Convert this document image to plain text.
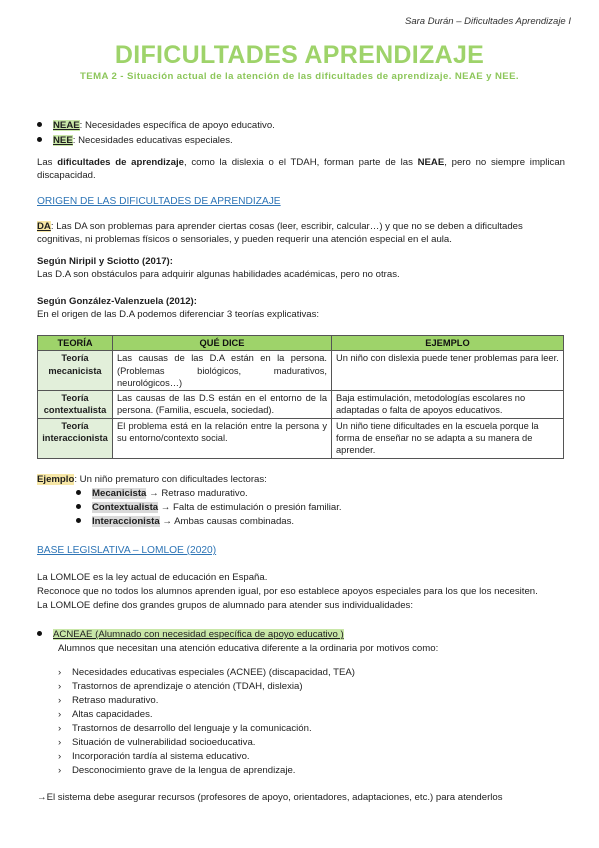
Sara Durán – Dificultades Aprendizaje I
DIFICULTADES APRENDIZAJE
TEMA 2 - Situación actual de la atención de las dificultades de aprendizaje. NEAE y NEE.
NEAE: Necesidades específica de apoyo educativo.
NEE: Necesidades educativas especiales.
Las dificultades de aprendizaje, como la dislexia o el TDAH, forman parte de las NEAE, pero no siempre implican discapacidad.
ORIGEN DE LAS DIFICULTADES DE APRENDIZAJE
DA: Las DA son problemas para aprender ciertas cosas (leer, escribir, calcular…) y que no se deben a dificultades cognitivas, ni problemas físicos o sensoriales, y pueden requerir una atención especial en el aula.
Según Niripil y Sciotto (2017):
Las D.A son obstáculos para adquirir algunas habilidades académicas, pero no otras.
Según González-Valenzuela (2012):
En el origen de las D.A podemos diferenciar 3 teorías explicativas:
TEORÍA	QUÉ DICE	EJEMPLO
Teoría mecanicista	Las causas de las D.A están en la persona. (Problemas biológicos, madurativos, neurológicos…)	Un niño con dislexia puede tener problemas para leer.
Teoría contextualista	Las causas de las D.S están en el entorno de la persona. (Familia, escuela, sociedad).	Baja estimulación, metodologías escolares no adaptadas o falta de apoyos educativos.
Teoría interaccionista	El problema está en la relación entre la persona y su entorno/contexto social.	Un niño tiene dificultades en la escuela porque la forma de enseñar no se adapta a su manera de aprender.
Ejemplo: Un niño prematuro con dificultades lectoras:
Mecanicista → Retraso madurativo.
Contextualista → Falta de estimulación o presión familiar.
Interaccionista → Ambas causas combinadas.
BASE LEGISLATIVA – LOMLOE (2020)
La LOMLOE es la ley actual de educación en España.
Reconoce que no todos los alumnos aprenden igual, por eso establece apoyos especiales para los que los necesiten.
La LOMLOE define dos grandes grupos de alumnado para atender sus individualidades:
ACNEAE (Alumnado con necesidad específica de apoyo educativo )
Alumnos que necesitan una atención educativa diferente a la ordinaria por motivos como:
› Necesidades educativas especiales (ACNEE) (discapacidad, TEA)
› Trastornos de aprendizaje o atención (TDAH, dislexia)
› Retraso madurativo.
› Altas capacidades.
› Trastornos de desarrollo del lenguaje y la comunicación.
› Situación de vulnerabilidad socioeducativa.
› Incorporación tardía al sistema educativo.
› Desconocimiento grave de la lengua de aprendizaje.
→El sistema debe asegurar recursos (profesores de apoyo, orientadores, adaptaciones, etc.) para atenderlos
